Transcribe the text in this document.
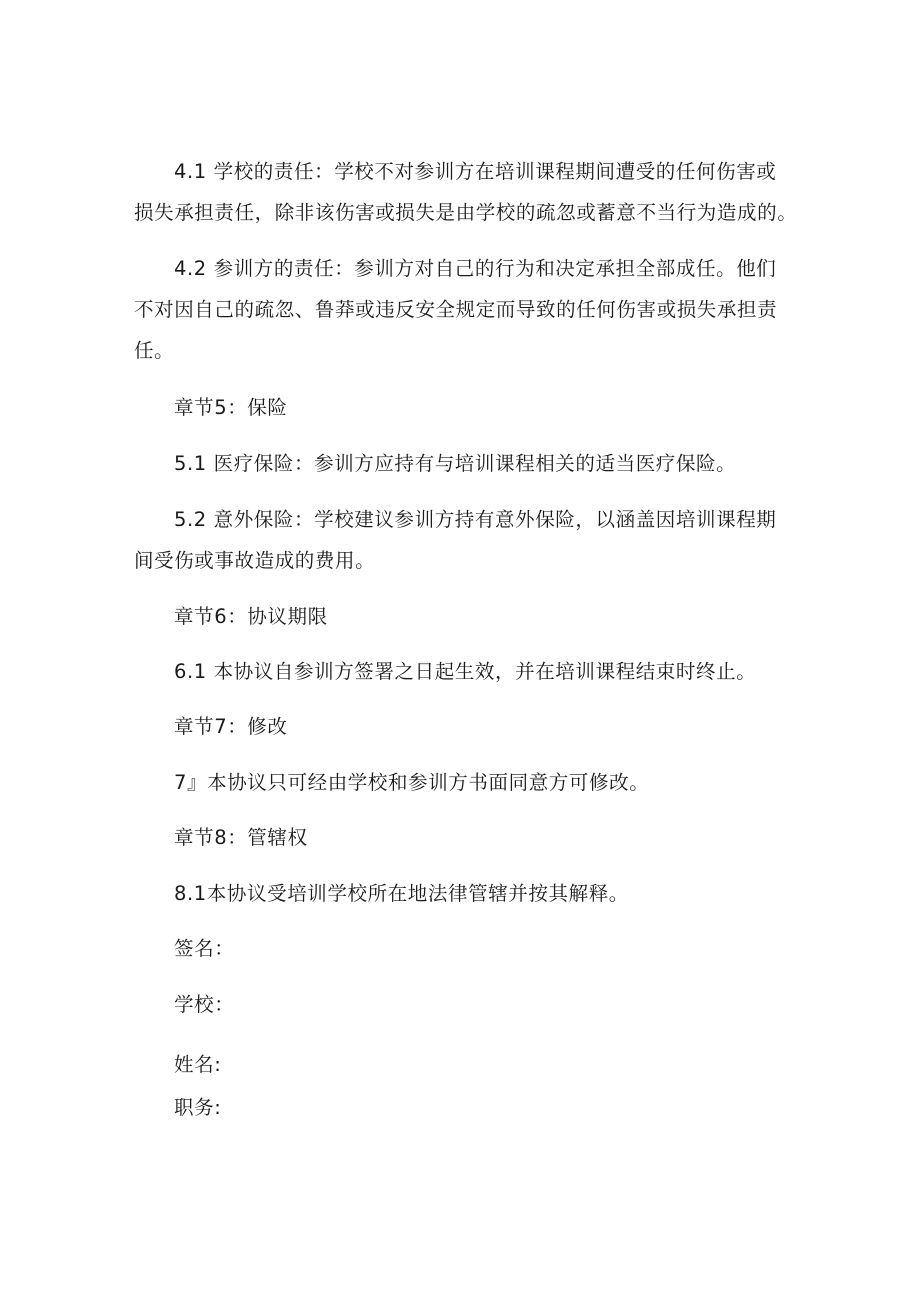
4.1 学校的责任：学校不对参训方在培训课程期间遭受的任何伤害或

损失承担责任，除非该伤害或损失是由学校的疏忽或蓄意不当行为造成的。

4.2 参训方的责任：参训方对自己的行为和决定承担全部成任。他们

不对因自己的疏忽、鲁莽或违反安全规定而导致的任何伤害或损失承担责

任。

章节5：保险

5.1 医疗保险：参训方应持有与培训课程相关的适当医疗保险。

5.2 意外保险：学校建议参训方持有意外保险，以涵盖因培训课程期

间受伤或事故造成的费用。

章节6：协议期限

6.1 本协议自参训方签署之日起生效，并在培训课程结束时终止。

章节7：修改

7』本协议只可经由学校和参训方书面同意方可修改。

章节8：管辖权

8.1本协议受培训学校所在地法律管辖并按其解释。

签名：

学校：

姓名:

职务:
